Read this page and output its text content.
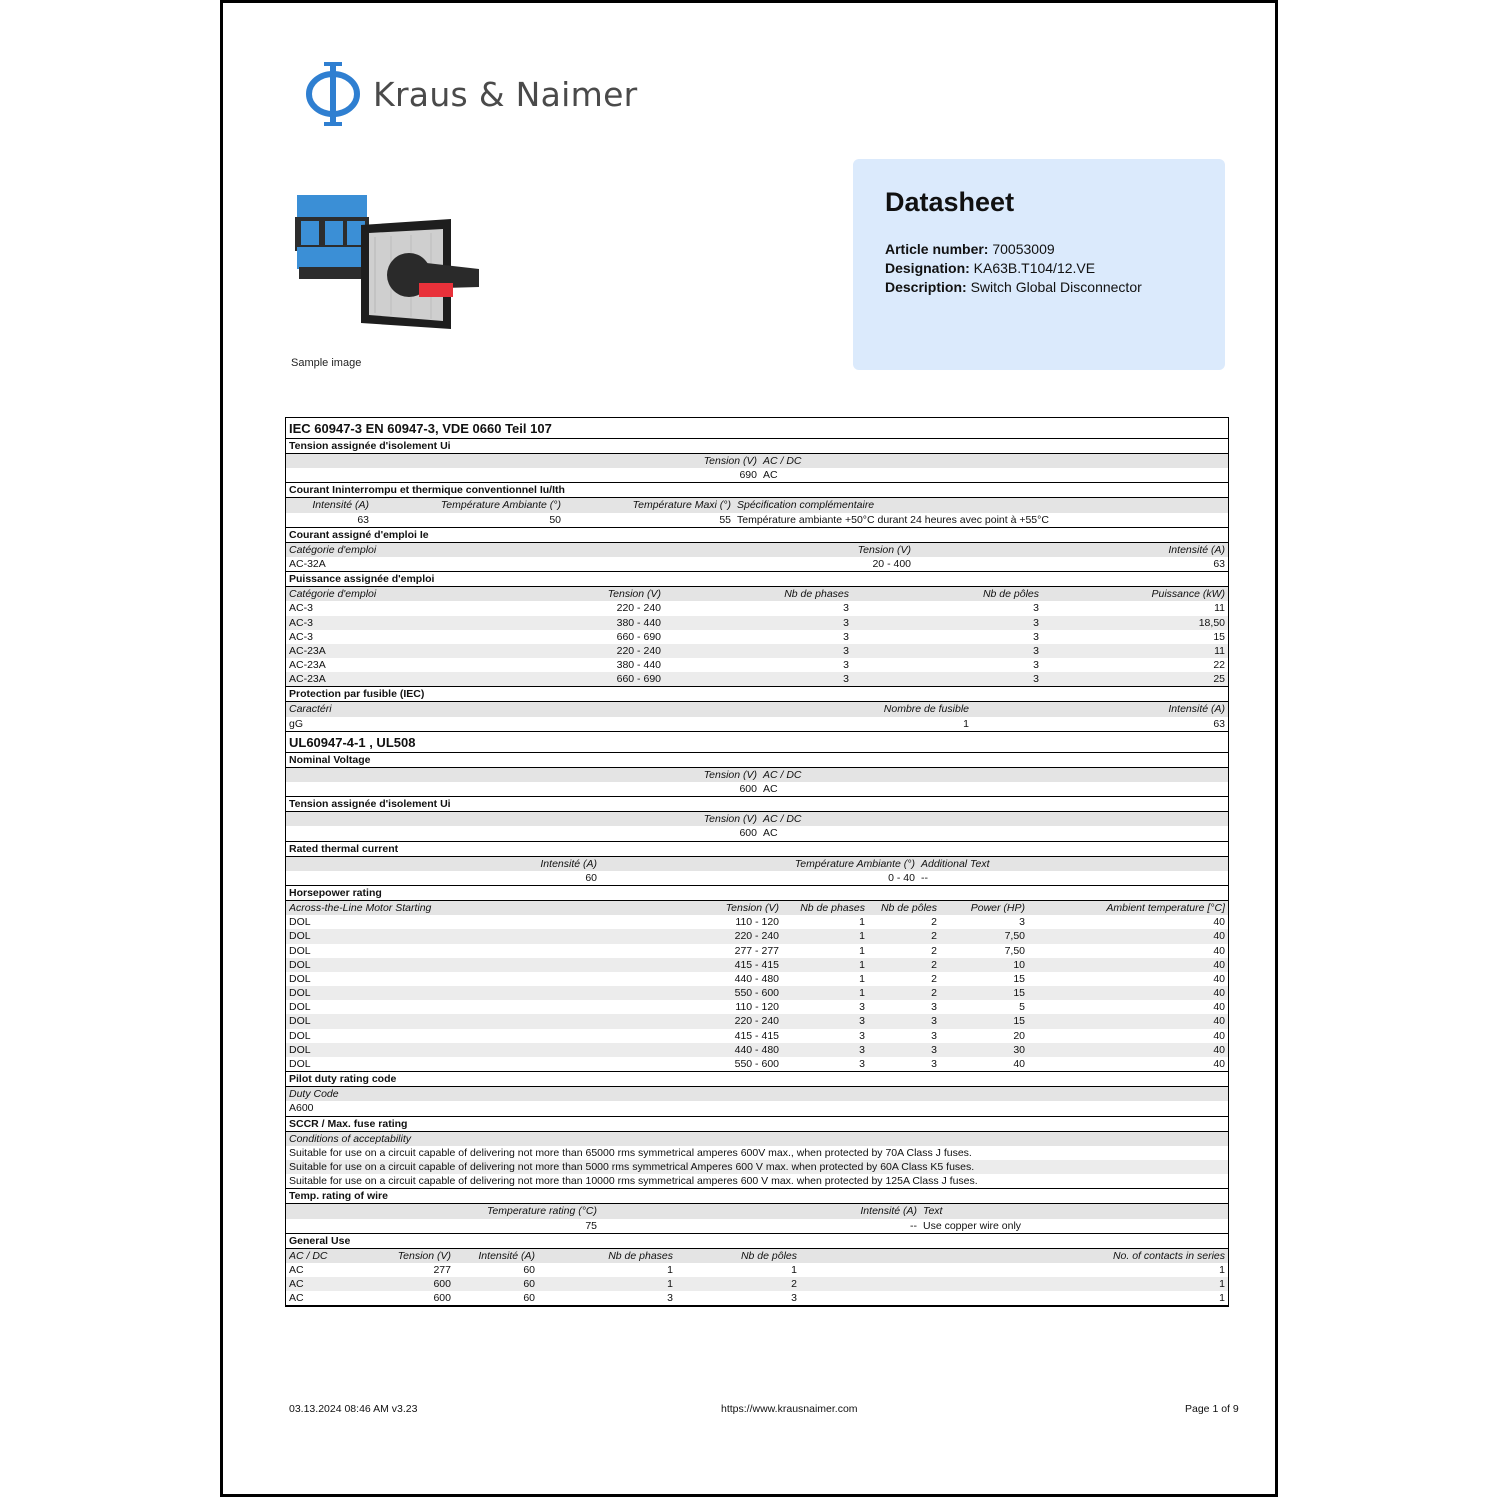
Kraus & Naimer
Sample image
Datasheet
Article number: 70053009
Designation: KA63B.T104/12.VE
Description: Switch Global Disconnector
IEC 60947-3 EN 60947-3, VDE 0660 Teil 107
Tension assignée d'isolement Ui
Tension (V) AC / DC
690 AC
Courant Ininterrompu et thermique conventionnel Iu/Ith
Intensité (A)	Température Ambiante (°)	Température Maxi (°) Spécification complémentaire
63	50	55 Température ambiante +50°C durant 24 heures avec point à +55°C
Courant assigné d'emploi Ie
Catégorie d'emploi	Tension (V)	Intensité (A)
AC-32A	20 - 400	63
Puissance assignée d'emploi
Catégorie d'emploi	Tension (V)	Nb de phases	Nb de pôles	Puissance (kW)
AC-3	220 - 240	3	3	11
AC-3	380 - 440	3	3	18,50
AC-3	660 - 690	3	3	15
AC-23A	220 - 240	3	3	11
AC-23A	380 - 440	3	3	22
AC-23A	660 - 690	3	3	25
Protection par fusible (IEC)
Caractéri	Nombre de fusible	Intensité (A)
gG	1	63
UL60947-4-1 , UL508
Nominal Voltage
Tension (V) AC / DC
600 AC
Tension assignée d'isolement Ui
Tension (V) AC / DC
600 AC
Rated thermal current
Intensité (A)	Température Ambiante (°) Additional Text
60	0 - 40 --
Horsepower rating
Across-the-Line Motor Starting	Tension (V)	Nb de phases	Nb de pôles	Power (HP)	Ambient temperature [°C]
DOL	110 - 120	1	2	3	40
DOL	220 - 240	1	2	7,50	40
DOL	277 - 277	1	2	7,50	40
DOL	415 - 415	1	2	10	40
DOL	440 - 480	1	2	15	40
DOL	550 - 600	1	2	15	40
DOL	110 - 120	3	3	5	40
DOL	220 - 240	3	3	15	40
DOL	415 - 415	3	3	20	40
DOL	440 - 480	3	3	30	40
DOL	550 - 600	3	3	40	40
Pilot duty rating code
Duty Code
A600
SCCR / Max. fuse rating
Conditions of acceptability
Suitable for use on a circuit capable of delivering not more than 65000 rms symmetrical amperes 600V max., when protected by 70A Class J fuses.
Suitable for use on a circuit capable of delivering not more than 5000 rms symmetrical Amperes 600 V max. when protected by 60A Class K5 fuses.
Suitable for use on a circuit capable of delivering not more than 10000 rms symmetrical amperes 600 V max. when protected by 125A Class J fuses.
Temp. rating of wire
Temperature rating (°C)	Intensité (A) Text
75	-- Use copper wire only
General Use
AC / DC	Tension (V)	Intensité (A)	Nb de phases	Nb de pôles	No. of contacts in series
AC	277	60	1	1	1
AC	600	60	1	2	1
AC	600	60	3	3	1
03.13.2024 08:46 AM v3.23	https://www.krausnaimer.com	Page 1 of 9
